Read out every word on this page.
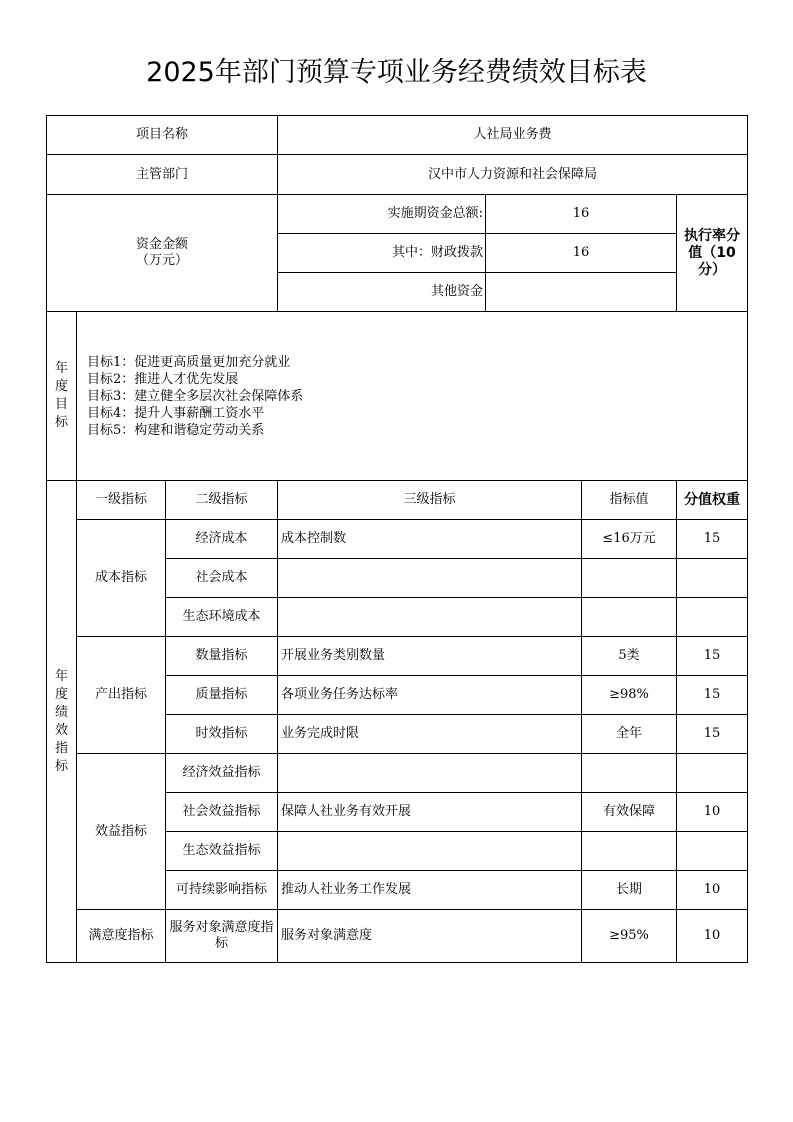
2025年部门预算专项业务经费绩效目标表
项目名称			人社局业务费			
主管部门			汉中市人力资源和社会保障局			

资金金额
（万元）			实施期资金总额:	16		执行率分值（10分）
			其中：财政拨款	16		
			其他资金			
年度目标	目标1：促进更高质量更加充分就业
目标2：推进人才优先发展
目标3：建立健全多层次社会保障体系
目标4：提升人事薪酬工资水平
目标5：构建和谐稳定劳动关系					

年度绩效指标	一级指标	二级指标	三级指标		指标值	分值权重
	成本指标	经济成本	成本控制数		≤16万元	15
		社会成本				
		生态环境成本				
	产出指标	数量指标	开展业务类别数量		5类	15
		质量指标	各项业务任务达标率		≥98%	15
		时效指标	业务完成时限		全年	15
	效益指标	经济效益指标				
		社会效益指标	保障人社业务有效开展		有效保障	10
		生态效益指标				
		可持续影响指标	推动人社业务工作发展		长期	10
	满意度指标	服务对象满意度指标	服务对象满意度		≥95%	10
